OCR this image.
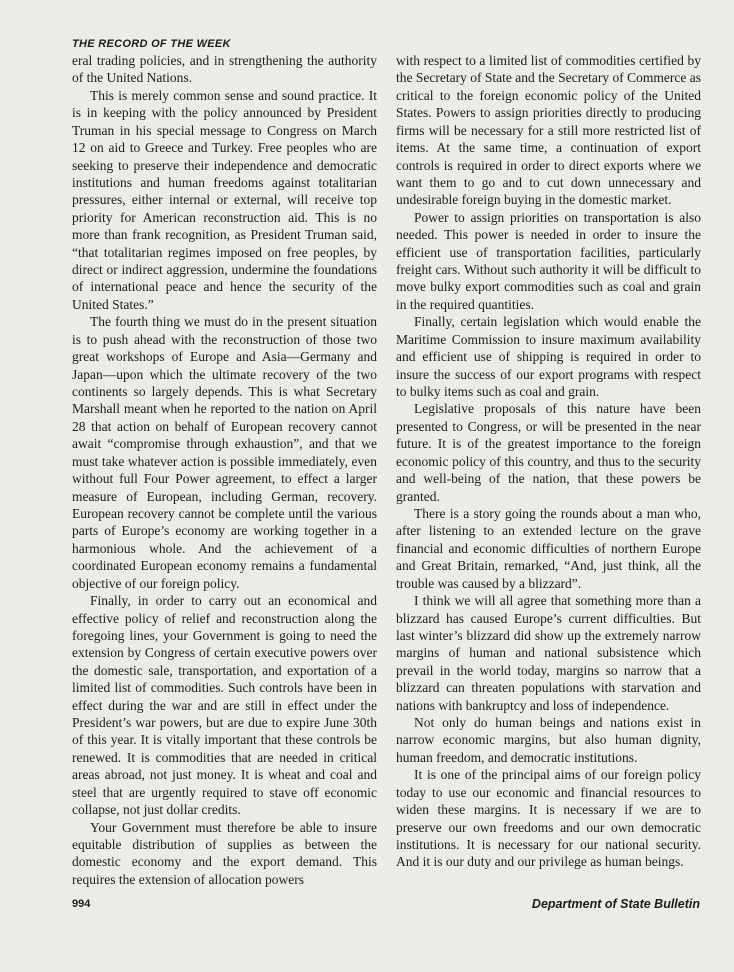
THE RECORD OF THE WEEK

eral trading policies, and in strengthening the authority of the United Nations.

This is merely common sense and sound practice. It is in keeping with the policy announced by President Truman in his special message to Congress on March 12 on aid to Greece and Turkey. Free peoples who are seeking to preserve their independence and democratic institutions and human freedoms against totalitarian pressures, either internal or external, will receive top priority for American reconstruction aid. This is no more than frank recognition, as President Truman said, “that totalitarian regimes imposed on free peoples, by direct or indirect aggression, undermine the foundations of international peace and hence the security of the United States.”

The fourth thing we must do in the present situation is to push ahead with the reconstruction of those two great workshops of Europe and Asia—Germany and Japan—upon which the ultimate recovery of the two continents so largely depends. This is what Secretary Marshall meant when he reported to the nation on April 28 that action on behalf of European recovery cannot await “compromise through exhaustion”, and that we must take whatever action is possible immediately, even without full Four Power agreement, to effect a larger measure of European, including German, recovery. European recovery cannot be complete until the various parts of Europe’s economy are working together in a harmonious whole. And the achievement of a coordinated European economy remains a fundamental objective of our foreign policy.

Finally, in order to carry out an economical and effective policy of relief and reconstruction along the foregoing lines, your Government is going to need the extension by Congress of certain executive powers over the domestic sale, transportation, and exportation of a limited list of commodities. Such controls have been in effect during the war and are still in effect under the President’s war powers, but are due to expire June 30th of this year. It is vitally important that these controls be renewed. It is commodities that are needed in critical areas abroad, not just money. It is wheat and coal and steel that are urgently required to stave off economic collapse, not just dollar credits.

Your Government must therefore be able to insure equitable distribution of supplies as between the domestic economy and the export demand. This requires the extension of allocation powers

with respect to a limited list of commodities certified by the Secretary of State and the Secretary of Commerce as critical to the foreign economic policy of the United States. Powers to assign priorities directly to producing firms will be necessary for a still more restricted list of items. At the same time, a continuation of export controls is required in order to direct exports where we want them to go and to cut down unnecessary and undesirable foreign buying in the domestic market.

Power to assign priorities on transportation is also needed. This power is needed in order to insure the efficient use of transportation facilities, particularly freight cars. Without such authority it will be difficult to move bulky export commodities such as coal and grain in the required quantities.

Finally, certain legislation which would enable the Maritime Commission to insure maximum availability and efficient use of shipping is required in order to insure the success of our export programs with respect to bulky items such as coal and grain.

Legislative proposals of this nature have been presented to Congress, or will be presented in the near future. It is of the greatest importance to the foreign economic policy of this country, and thus to the security and well-being of the nation, that these powers be granted.

There is a story going the rounds about a man who, after listening to an extended lecture on the grave financial and economic difficulties of northern Europe and Great Britain, remarked, “And, just think, all the trouble was caused by a blizzard”.

I think we will all agree that something more than a blizzard has caused Europe’s current difficulties. But last winter’s blizzard did show up the extremely narrow margins of human and national subsistence which prevail in the world today, margins so narrow that a blizzard can threaten populations with starvation and nations with bankruptcy and loss of independence.

Not only do human beings and nations exist in narrow economic margins, but also human dignity, human freedom, and democratic institutions.

It is one of the principal aims of our foreign policy today to use our economic and financial resources to widen these margins. It is necessary if we are to preserve our own freedoms and our own democratic institutions. It is necessary for our national security. And it is our duty and our privilege as human beings.

994	Department of State Bulletin
